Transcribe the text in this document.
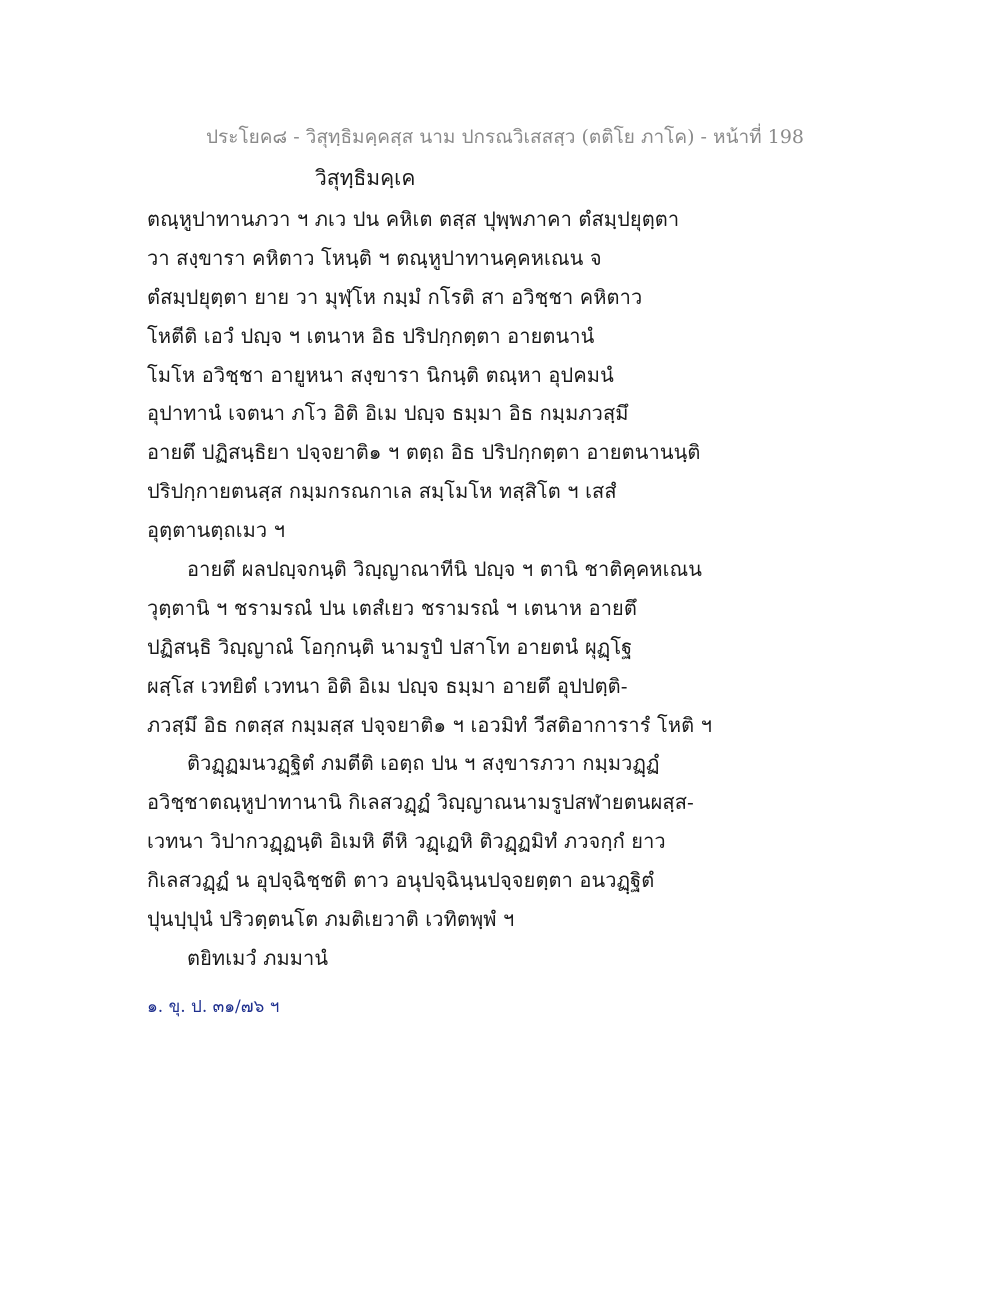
ประโยค๘ - วิสุทฺธิมคฺคสฺส นาม ปกรณวิเสสสฺว (ตติโย ภาโค) - หน้าที่ 198
วิสุทฺธิมคฺเค
ตณฺหูปาทานภวา ฯ ภเว ปน คหิเต ตสฺส ปุพฺพภาคา ตํสมฺปยุตฺตา
วา สงฺขารา คหิตาว โหนฺติ ฯ ตณฺหูปาทานคฺคหเณน จ
ตํสมฺปยุตฺตา ยาย วา มุฬฺโห กมฺมํ กโรติ สา อวิชฺชา คหิตาว
โหตีติ เอวํ ปญฺจ ฯ เตนาห อิธ ปริปกฺกตฺตา อายตนานํ
โมโห อวิชฺชา อายูหนา สงฺขารา นิกนฺติ ตณฺหา อุปคมนํ
อุปาทานํ เจตนา ภโว อิติ อิเม ปญฺจ ธมฺมา อิธ กมฺมภวสฺมึ
อายตึ ปฏิสนฺธิยา ปจฺจยาติ๑ ฯ ตตฺถ อิธ ปริปกฺกตฺตา อายตนานนฺติ
ปริปกฺกายตนสฺส กมฺมกรณกาเล สมฺโมโห ทสฺสิโต ฯ เสสํ
อุตฺตานตฺถเมว ฯ
อายตึ ผลปญฺจกนฺติ วิญฺญาณาทีนิ ปญฺจ ฯ ตานิ ชาติคฺคหเณน
วุตฺตานิ ฯ ชรามรณํ ปน เตสํเยว ชรามรณํ ฯ เตนาห อายตึ
ปฏิสนฺธิ วิญฺญาณํ โอกฺกนฺติ นามรูปํ ปสาโท อายตนํ ผุฏฺโฐ
ผสฺโส เวทยิตํ เวทนา อิติ อิเม ปญฺจ ธมฺมา อายตึ อุปปตฺติ-
ภวสฺมึ อิธ กตสฺส กมฺมสฺส ปจฺจยาติ๑ ฯ เอวมิทํ วีสติอาการารํ โหติ ฯ
ติวฏฺฏมนวฏฺฐิตํ ภมตีติ เอตฺถ ปน ฯ สงฺขารภวา กมฺมวฏฺฏํ
อวิชฺชาตณฺหูปาทานานิ กิเลสวฏฺฏํ วิญฺญาณนามรูปสฬายตนผสฺส-
เวทนา วิปากวฏฺฏนฺติ อิเมหิ ตีหิ วฏฺเฏหิ ติวฏฺฏมิทํ ภวจกฺกํ ยาว
กิเลสวฏฺฏํ น อุปจฺฉิชฺชติ ตาว อนุปจฺฉินฺนปจฺจยตฺตา อนวฏฺฐิตํ
ปุนปฺปุนํ ปริวตฺตนโต ภมติเยวาติ เวทิตพฺพํ ฯ
ตยิทเมวํ ภมมานํ
๑. ขุ. ป. ๓๑/๗๖ ฯ
